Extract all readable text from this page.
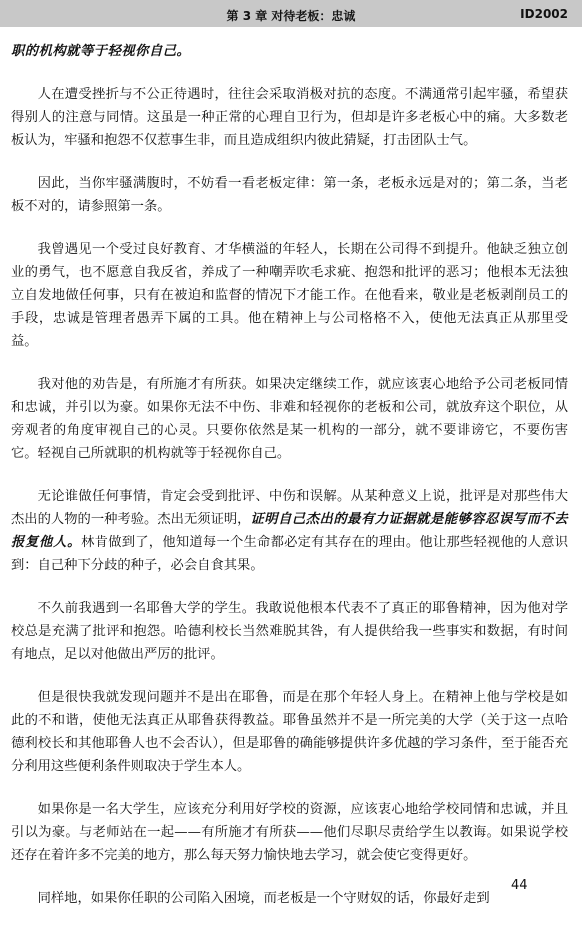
第 3 章 对待老板：忠诚	ID2002

职的机构就等于轻视你自己。

人在遭受挫折与不公正待遇时，往往会采取消极对抗的态度。不满通常引起牢骚，希望获得别人的注意与同情。这虽是一种正常的心理自卫行为，但却是许多老板心中的痛。大多数老板认为，牢骚和抱怨不仅惹事生非，而且造成组织内彼此猜疑，打击团队士气。

因此，当你牢骚满腹时，不妨看一看老板定律：第一条，老板永远是对的；第二条，当老板不对的，请参照第一条。

我曾遇见一个受过良好教育、才华横溢的年轻人，长期在公司得不到提升。他缺乏独立创业的勇气，也不愿意自我反省，养成了一种嘲弄吹毛求疵、抱怨和批评的恶习；他根本无法独立自发地做任何事，只有在被迫和监督的情况下才能工作。在他看来，敬业是老板剥削员工的手段，忠诚是管理者愚弄下属的工具。他在精神上与公司格格不入，使他无法真正从那里受益。

我对他的劝告是，有所施才有所获。如果决定继续工作，就应该衷心地给予公司老板同情和忠诚，并引以为豪。如果你无法不中伤、非难和轻视你的老板和公司，就放弃这个职位，从旁观者的角度审视自己的心灵。只要你依然是某一机构的一部分，就不要诽谤它，不要伤害它。轻视自己所就职的机构就等于轻视你自己。

无论谁做任何事情，肯定会受到批评、中伤和误解。从某种意义上说，批评是对那些伟大杰出的人物的一种考验。杰出无须证明，证明自己杰出的最有力证据就是能够容忍误写而不去报复他人。林肯做到了，他知道每一个生命都必定有其存在的理由。他让那些轻视他的人意识到：自己种下分歧的种子，必会自食其果。

不久前我遇到一名耶鲁大学的学生。我敢说他根本代表不了真正的耶鲁精神，因为他对学校总是充满了批评和抱怨。哈德利校长当然难脱其咎，有人提供给我一些事实和数据，有时间有地点，足以对他做出严厉的批评。

但是很快我就发现问题并不是出在耶鲁，而是在那个年轻人身上。在精神上他与学校是如此的不和谐，使他无法真正从耶鲁获得教益。耶鲁虽然并不是一所完美的大学（关于这一点哈德利校长和其他耶鲁人也不会否认），但是耶鲁的确能够提供许多优越的学习条件，至于能否充分利用这些便利条件则取决于学生本人。

如果你是一名大学生，应该充分利用好学校的资源，应该衷心地给学校同情和忠诚，并且引以为豪。与老师站在一起——有所施才有所获——他们尽职尽责给学生以教诲。如果说学校还存在着许多不完美的地方，那么每天努力愉快地去学习，就会使它变得更好。

同样地，如果你任职的公司陷入困境，而老板是一个守财奴的话，你最好走到

44
